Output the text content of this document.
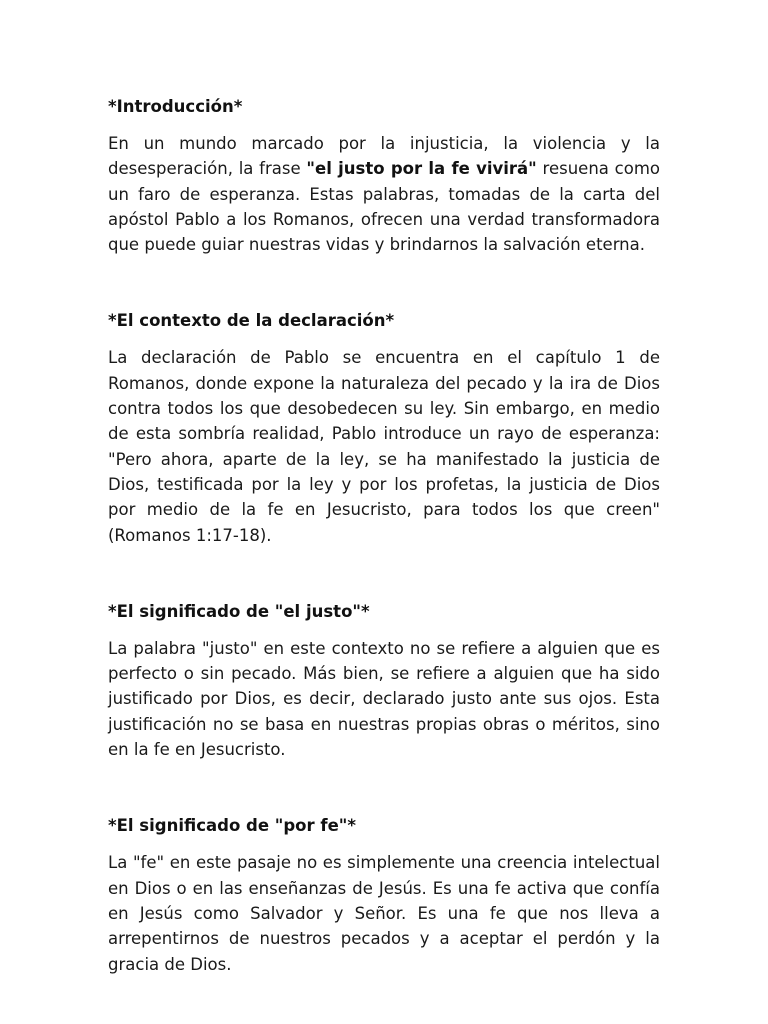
*Introducción*

En un mundo marcado por la injusticia, la violencia y la desesperación, la frase "el justo por la fe vivirá" resuena como un faro de esperanza. Estas palabras, tomadas de la carta del apóstol Pablo a los Romanos, ofrecen una verdad transformadora que puede guiar nuestras vidas y brindarnos la salvación eterna.

*El contexto de la declaración*

La declaración de Pablo se encuentra en el capítulo 1 de Romanos, donde expone la naturaleza del pecado y la ira de Dios contra todos los que desobedecen su ley. Sin embargo, en medio de esta sombría realidad, Pablo introduce un rayo de esperanza: "Pero ahora, aparte de la ley, se ha manifestado la justicia de Dios, testificada por la ley y por los profetas, la justicia de Dios por medio de la fe en Jesucristo, para todos los que creen" (Romanos 1:17-18).

*El significado de "el justo"*

La palabra "justo" en este contexto no se refiere a alguien que es perfecto o sin pecado. Más bien, se refiere a alguien que ha sido justificado por Dios, es decir, declarado justo ante sus ojos. Esta justificación no se basa en nuestras propias obras o méritos, sino en la fe en Jesucristo.

*El significado de "por fe"*

La "fe" en este pasaje no es simplemente una creencia intelectual en Dios o en las enseñanzas de Jesús. Es una fe activa que confía en Jesús como Salvador y Señor. Es una fe que nos lleva a arrepentirnos de nuestros pecados y a aceptar el perdón y la gracia de Dios.
